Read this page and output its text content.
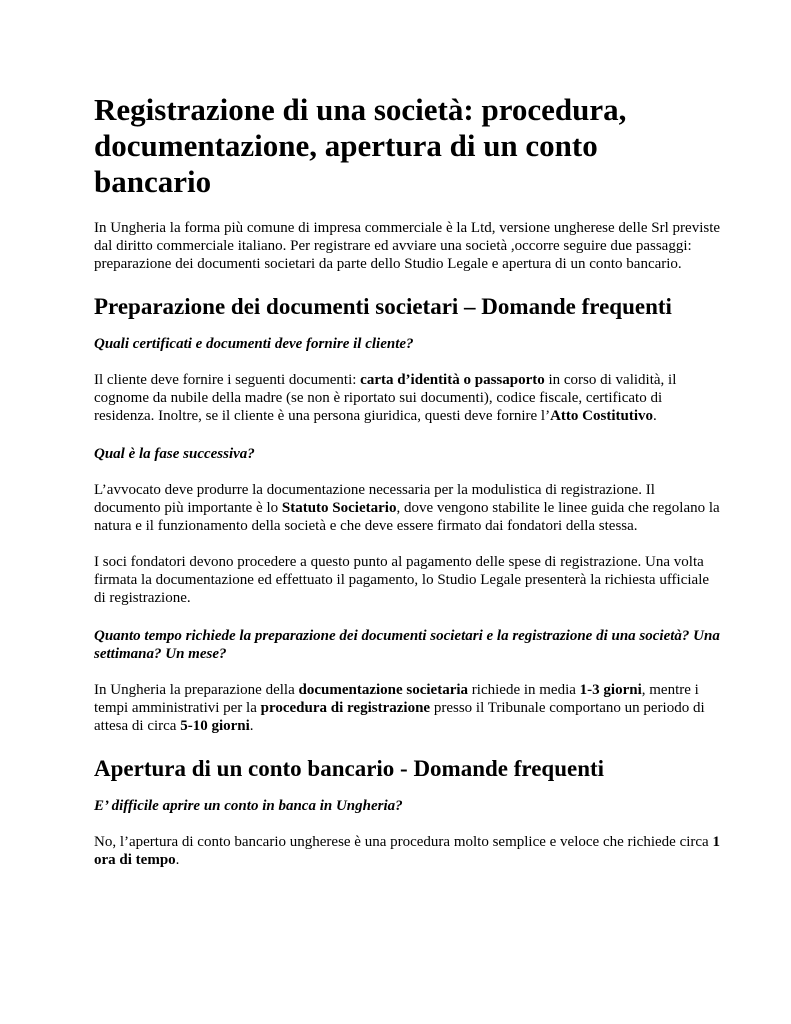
Registrazione di una società: procedura, documentazione, apertura di un conto bancario

In Ungheria la forma più comune di impresa commerciale è la Ltd, versione ungherese delle Srl previste dal diritto commerciale italiano. Per registrare ed avviare una società ,occorre seguire due passaggi: preparazione dei documenti societari da parte dello Studio Legale e apertura di un conto bancario.

Preparazione dei documenti societari – Domande frequenti

Quali certificati e documenti deve fornire il cliente?

Il cliente deve fornire i seguenti documenti: carta d’identità o passaporto in corso di validità, il cognome da nubile della madre (se non è riportato sui documenti), codice fiscale, certificato di residenza. Inoltre, se il cliente è una persona giuridica, questi deve fornire l’Atto Costitutivo.

Qual è la fase successiva?

L’avvocato deve produrre la documentazione necessaria per la modulistica di registrazione. Il documento più importante è lo Statuto Societario, dove vengono stabilite le linee guida che regolano la natura e il funzionamento della società e che deve essere firmato dai fondatori della stessa.

I soci fondatori devono procedere a questo punto al pagamento delle spese di registrazione. Una volta firmata la documentazione ed effettuato il pagamento, lo Studio Legale presenterà la richiesta ufficiale di registrazione.

Quanto tempo richiede la preparazione dei documenti societari e la registrazione di una società? Una settimana? Un mese?

In Ungheria la preparazione della documentazione societaria richiede in media 1-3 giorni, mentre i tempi amministrativi per la procedura di registrazione presso il Tribunale comportano un periodo di attesa di circa 5-10 giorni.

Apertura di un conto bancario - Domande frequenti

E’ difficile aprire un conto in banca in Ungheria?

No, l’apertura di conto bancario ungherese è una procedura molto semplice e veloce che richiede circa 1 ora di tempo.
